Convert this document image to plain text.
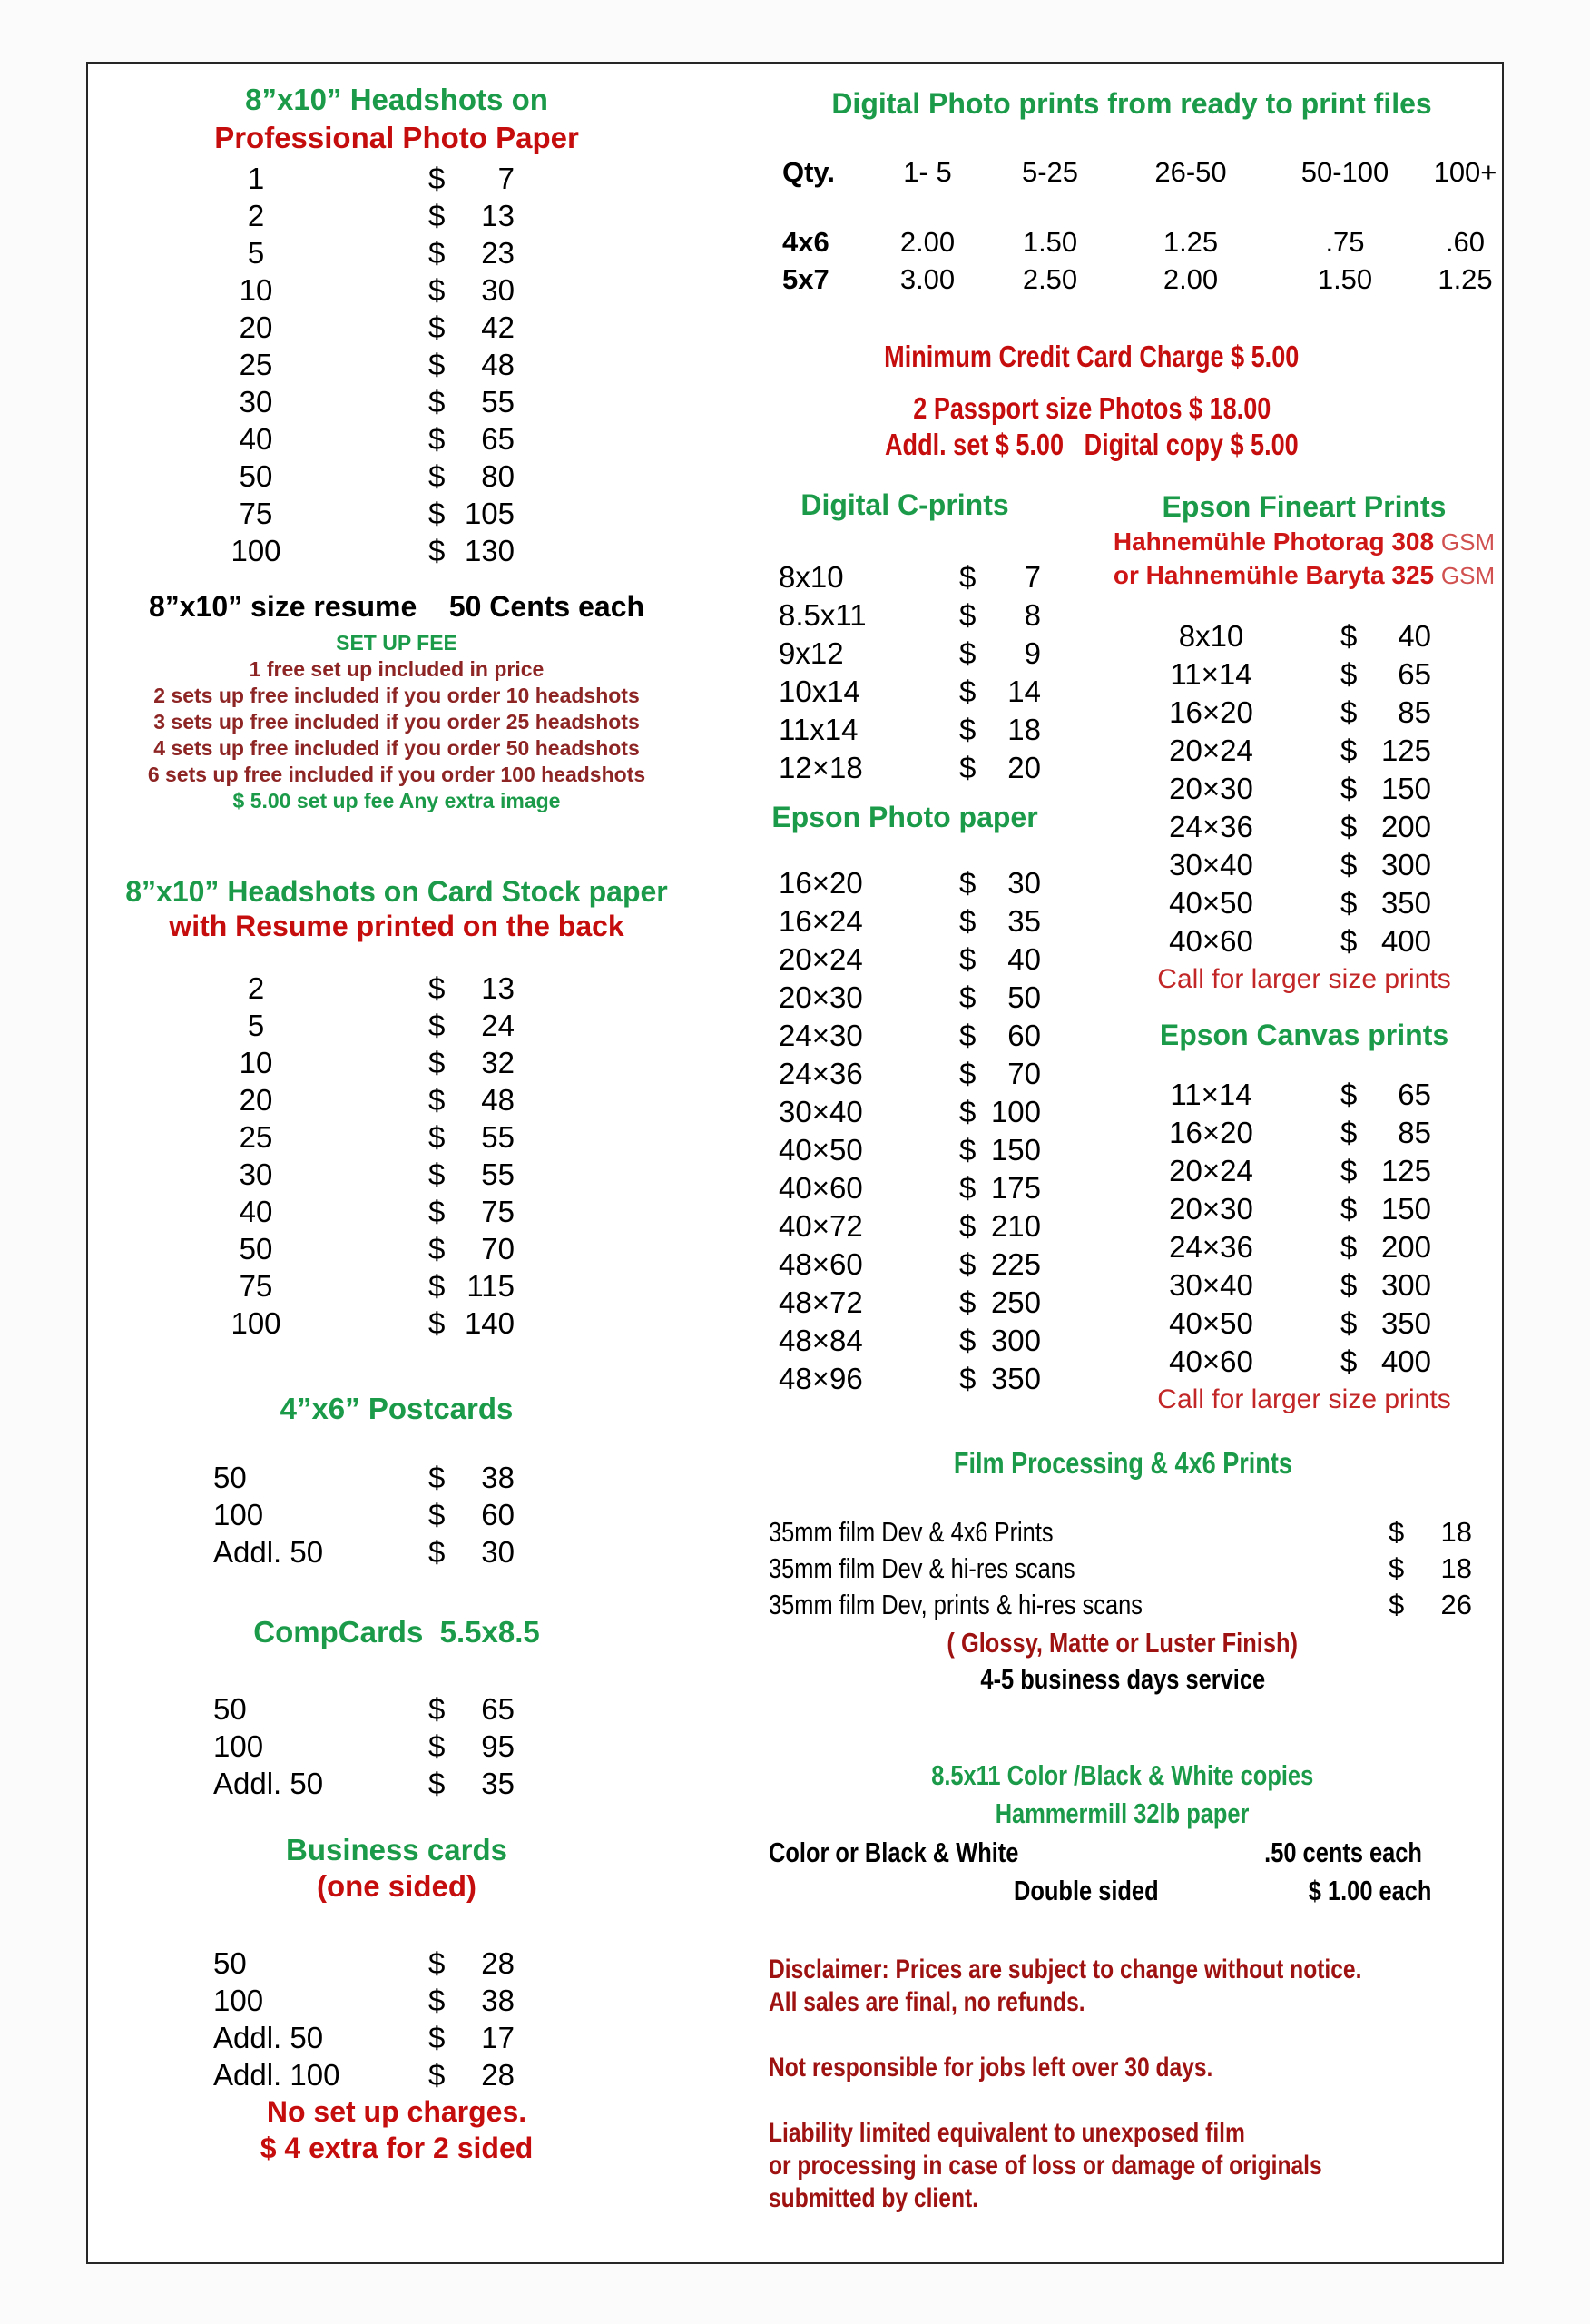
8”x10” Headshots on
Professional Photo Paper
1	$	7
2	$	13
5	$	23
10	$	30
20	$	42
25	$	48
30	$	55
40	$	65
50	$	80
75	$ 105
100	$ 130
8”x10” size resume    50 Cents each
SET UP FEE
1 free set up included in price
2 sets up free included if you order 10 headshots
3 sets up free included if you order 25 headshots
4 sets up free included if you order 50 headshots
6 sets up free included if you order 100 headshots
$ 5.00 set up fee Any extra image
8”x10” Headshots on Card Stock paper
with Resume printed on the back
2	$	13
5	$	24
10	$	32
20	$	48
25	$	55
30	$	55
40	$	75
50	$	70
75	$ 115
100	$ 140
4”x6” Postcards
50	$	38
100	$	60
Addl. 50	$	30
CompCards  5.5x8.5
50	$	65
100	$	95
Addl. 50	$	35
Business cards
(one sided)
50	$	28
100	$	38
Addl. 50	$	17
Addl. 100	$	28
No set up charges.
$ 4 extra for 2 sided
Digital Photo prints from ready to print files
Qty.	1- 5	5-25	26-50	50-100	100+
4x6	2.00	1.50	1.25	.75	.60
5x7	3.00	2.50	2.00	1.50	1.25
Minimum Credit Card Charge $ 5.00
2 Passport size Photos $ 18.00
Addl. set $ 5.00   Digital copy $ 5.00
Digital C-prints
8x10	$	7
8.5x11	$	8
9x12	$	9
10x14	$	14
11x14	$	18
12×18	$	20
Epson Photo paper
16×20	$	30
16×24	$	35
20×24	$	40
20×30	$	50
24×30	$	60
24×36	$	70
30×40	$ 100
40×50	$ 150
40×60	$ 175
40×72	$ 210
48×60	$ 225
48×72	$ 250
48×84	$ 300
48×96	$ 350
Epson Fineart Prints
Hahnemühle Photorag 308 GSM
or Hahnemühle Baryta 325 GSM
8x10	$	40
11×14	$	65
16×20	$	85
20×24	$ 125
20×30	$ 150
24×36	$ 200
30×40	$ 300
40×50	$ 350
40×60	$ 400
Call for larger size prints
Epson Canvas prints
11×14	$	65
16×20	$	85
20×24	$ 125
20×30	$ 150
24×36	$ 200
30×40	$ 300
40×50	$ 350
40×60	$ 400
Call for larger size prints
Film Processing & 4x6 Prints
35mm film Dev & 4x6 Prints	$	18
35mm film Dev & hi-res scans	$	18
35mm film Dev, prints & hi-res scans	$	26
( Glossy, Matte or Luster Finish)
4-5 business days service
8.5x11 Color /Black & White copies
Hammermill 32lb paper
Color or Black & White	.50 cents each
Double sided	$ 1.00 each
Disclaimer: Prices are subject to change without notice.
All sales are final, no refunds.
Not responsible for jobs left over 30 days.
Liability limited equivalent to unexposed film
or processing in case of loss or damage of originals
submitted by client.
